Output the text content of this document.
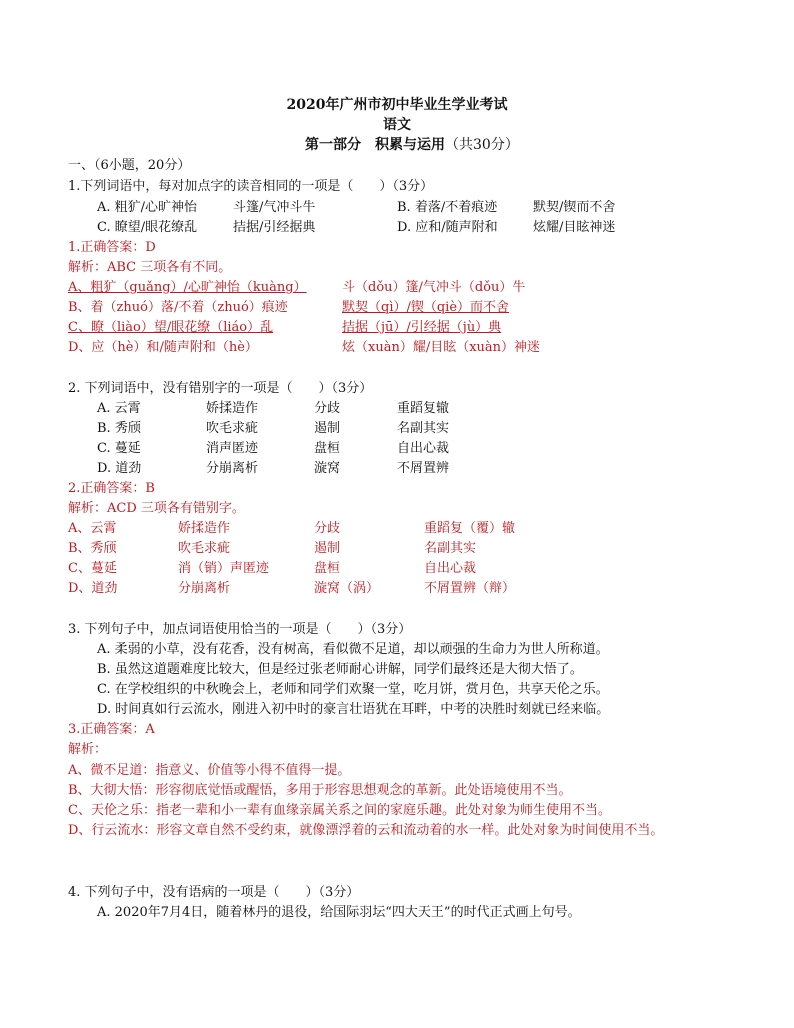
2020年广州市初中毕业生学业考试
语文
第一部分　积累与运用（共30分）
一、（6小题，20分）
1.下列词语中，每对加点字的读音相同的一项是（　　）（3分）
A. 粗犷/心旷神怡	斗篷/气冲斗牛	B. 着落/不着痕迹	默契/锲而不舍
C. 瞭望/眼花缭乱	拮据/引经据典	D. 应和/随声附和	炫耀/目眩神迷
1.正确答案：D
解析：ABC 三项各有不同。
A、粗犷（guǎng）/心旷神怡（kuàng）	斗（dǒu）篷/气冲斗（dǒu）牛
B、着（zhuó）落/不着（zhuó）痕迹	默契（qì）/锲（qiè）而不舍
C、瞭（liào）望/眼花缭（liáo）乱	拮据（jū）/引经据（jù）典
D、应（hè）和/随声附和（hè）	炫（xuàn）耀/目眩（xuàn）神迷
2. 下列词语中，没有错别字的一项是（　　）（3分）
A. 云霄	娇揉造作	分歧	重蹈复辙
B. 秀颀	吹毛求疵	遏制	名副其实
C. 蔓延	消声匿迹	盘桓	自出心裁
D. 道劲	分崩离析	漩窝	不屑置辨
2.正确答案：B
解析：ACD 三项各有错别字。
A、云霄	娇揉造作	分歧	重蹈复（覆）辙
B、秀颀	吹毛求疵	遏制	名副其实
C、蔓延	消（销）声匿迹	盘桓	自出心裁
D、道劲	分崩离析	漩窝（涡）	不屑置辨（辩）
3. 下列句子中，加点词语使用恰当的一项是（　　）（3分）
A. 柔弱的小草，没有花香，没有树高，看似微不足道，却以顽强的生命力为世人所称道。
B. 虽然这道题难度比较大，但是经过张老师耐心讲解，同学们最终还是大彻大悟了。
C. 在学校组织的中秋晚会上，老师和同学们欢聚一堂，吃月饼，赏月色，共享天伦之乐。
D. 时间真如行云流水，刚进入初中时的豪言壮语犹在耳畔，中考的决胜时刻就已经来临。
3.正确答案：A
解析：
A、微不足道：指意义、价值等小得不值得一提。
B、大彻大悟：形容彻底觉悟或醒悟，多用于形容思想观念的革新。此处语境使用不当。
C、天伦之乐：指老一辈和小一辈有血缘亲属关系之间的家庭乐趣。此处对象为师生使用不当。
D、行云流水：形容文章自然不受约束，就像漂浮着的云和流动着的水一样。此处对象为时间使用不当。
4. 下列句子中，没有语病的一项是（　　）（3分）
A. 2020年7月4日，随着林丹的退役，给国际羽坛“四大天王”的时代正式画上句号。
